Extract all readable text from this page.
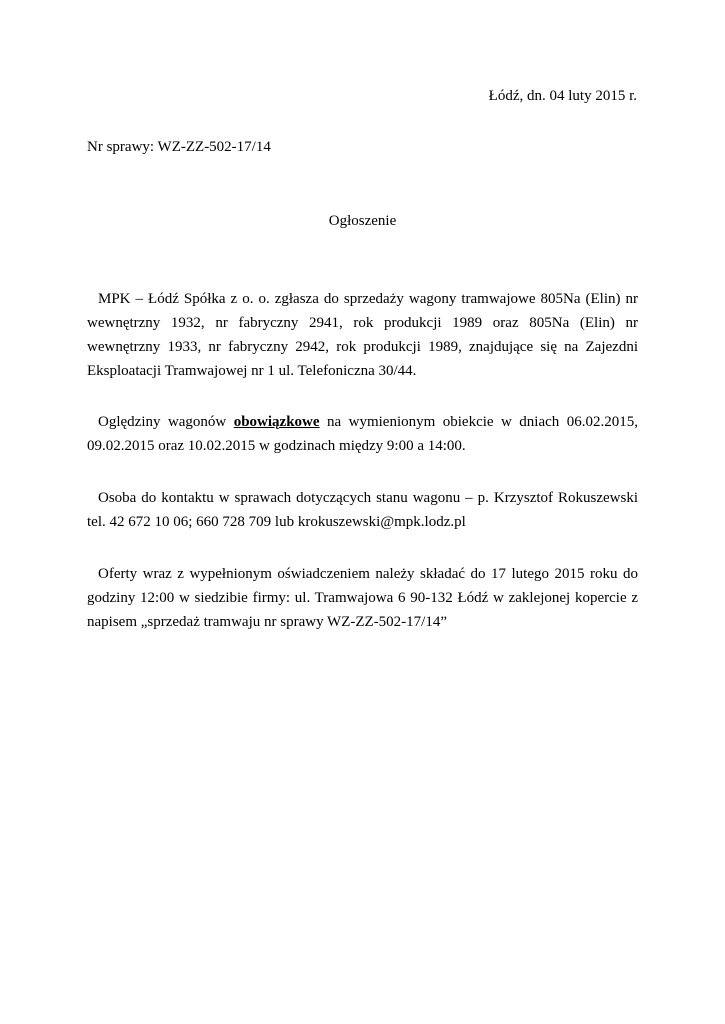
Łódź, dn. 04 luty 2015 r.
Nr sprawy: WZ-ZZ-502-17/14
Ogłoszenie

MPK – Łódź Spółka z o. o. zgłasza do sprzedaży wagony tramwajowe 805Na (Elin) nr wewnętrzny 1932, nr fabryczny 2941, rok produkcji 1989 oraz 805Na (Elin) nr wewnętrzny 1933, nr fabryczny 2942, rok produkcji 1989, znajdujące się na Zajezdni Eksploatacji Tramwajowej nr 1 ul. Telefoniczna 30/44.

Oględziny wagonów obowiązkowe na wymienionym obiekcie w dniach 06.02.2015, 09.02.2015 oraz 10.02.2015 w godzinach między 9:00 a 14:00.

Osoba do kontaktu w sprawach dotyczących stanu wagonu – p. Krzysztof Rokuszewski tel. 42 672 10 06; 660 728 709 lub krokuszewski@mpk.lodz.pl

Oferty wraz z wypełnionym oświadczeniem należy składać do 17 lutego 2015 roku do godziny 12:00 w siedzibie firmy: ul. Tramwajowa 6 90-132 Łódź w zaklejonej kopercie z napisem „sprzedaż tramwaju nr sprawy WZ-ZZ-502-17/14”
